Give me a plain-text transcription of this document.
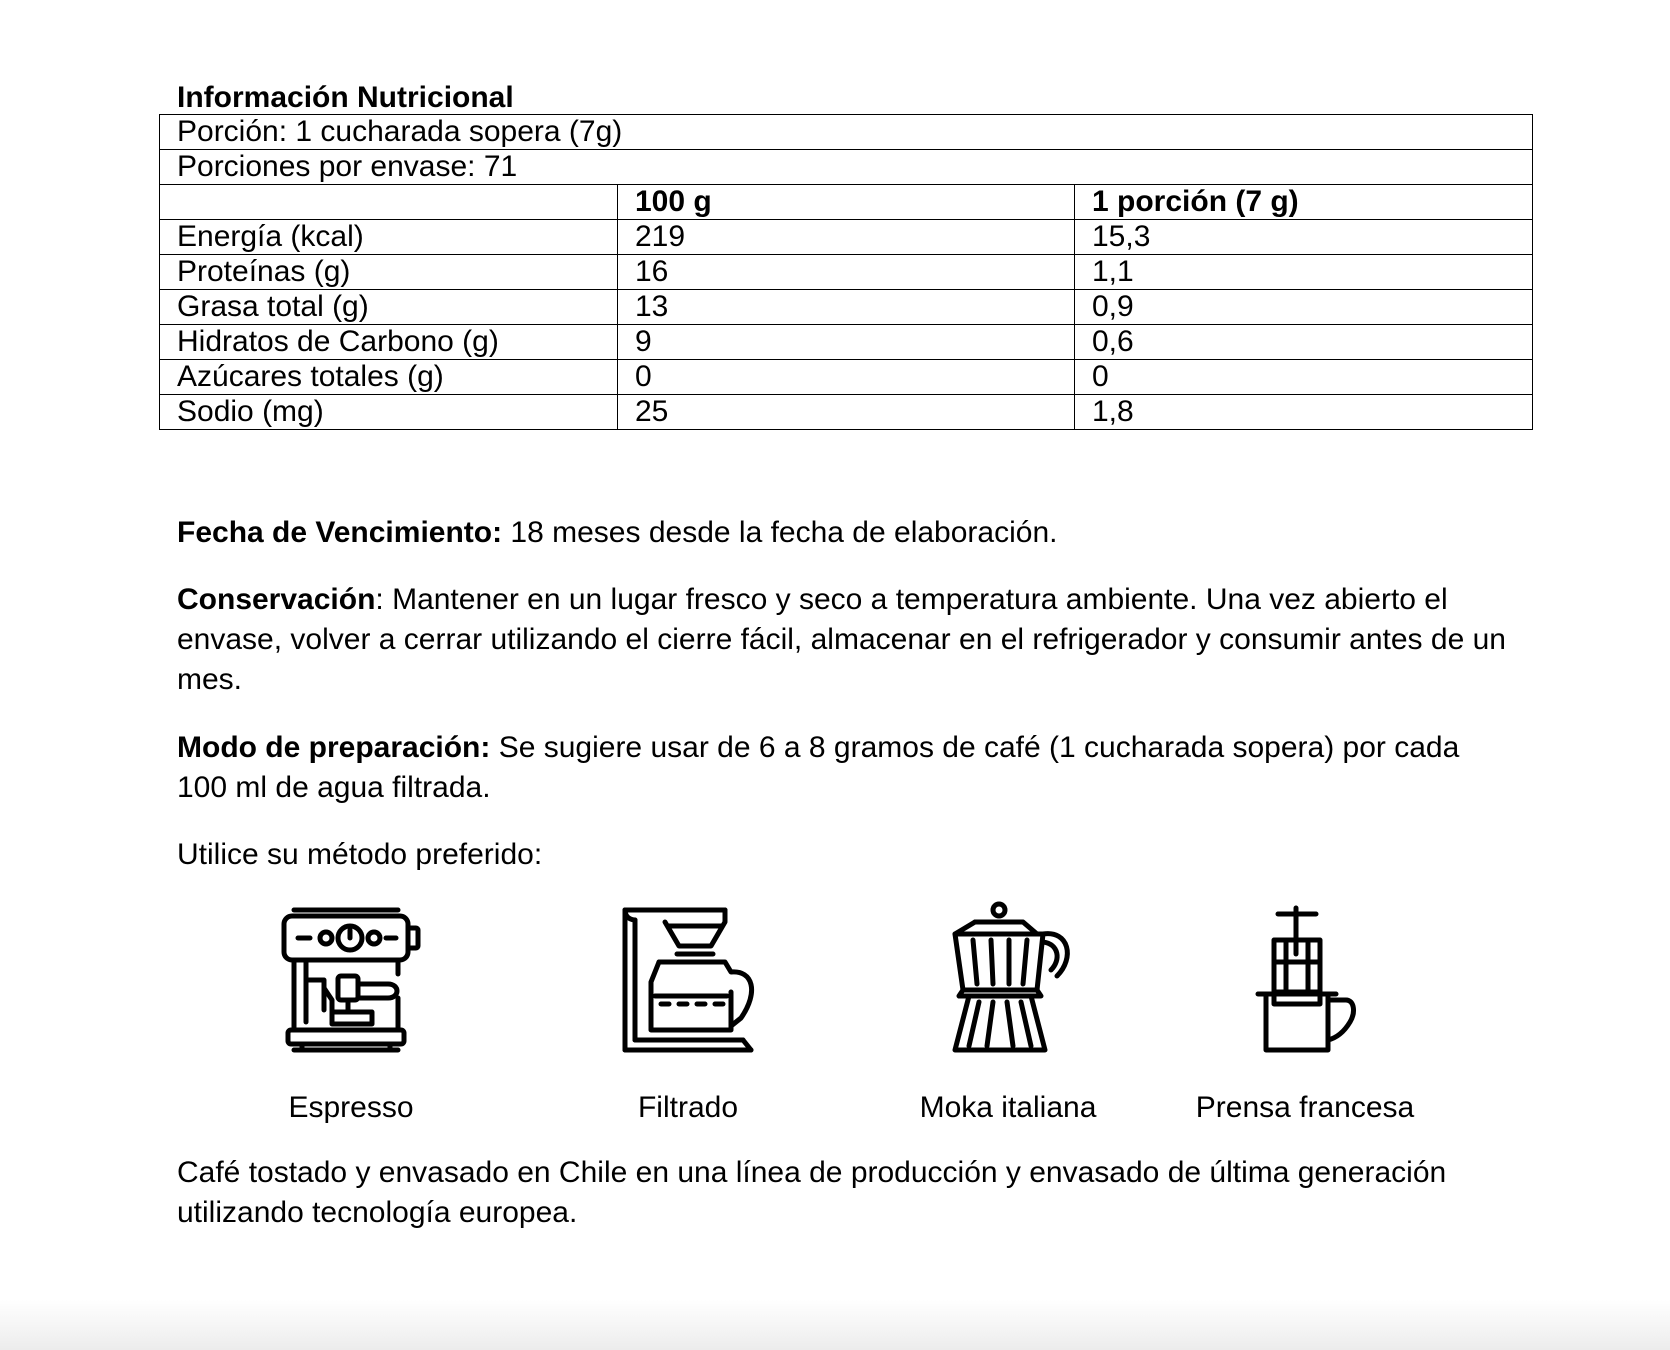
Información Nutricional
Porción: 1 cucharada sopera (7g)		
Porciones por envase: 71		
	100 g	1 porción (7 g)
Energía (kcal)	219	15,3
Proteínas (g)	16	1,1
Grasa total (g)	13	0,9
Hidratos de Carbono (g)	9	0,6
Azúcares totales (g)	0	0
Sodio (mg)	25	1,8

Fecha de Vencimiento: 18 meses desde la fecha de elaboración.

Conservación: Mantener en un lugar fresco y seco a temperatura ambiente. Una vez abierto el envase, volver a cerrar utilizando el cierre fácil, almacenar en el refrigerador y consumir antes de un mes.

Modo de preparación: Se sugiere usar de 6 a 8 gramos de café (1 cucharada sopera) por cada 100 ml de agua filtrada.

Utilice su método preferido:

Espresso	Filtrado	Moka italiana	Prensa francesa

Café tostado y envasado en Chile en una línea de producción y envasado de última generación utilizando tecnología europea.
